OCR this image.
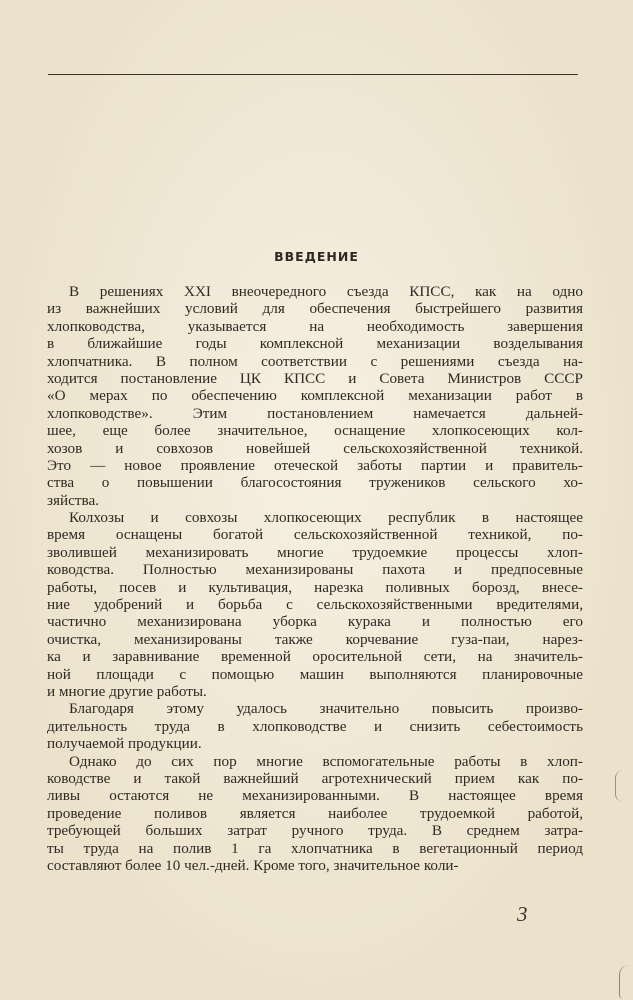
ВВЕДЕНИЕ
В решениях XXI внеочередного съезда КПСС, как на одно
из важнейших условий для обеспечения быстрейшего развития
хлопководства, указывается на необходимость завершения
в ближайшие годы комплексной механизации возделывания
хлопчатника. В полном соответствии с решениями съезда на-
ходится постановление ЦК КПСС и Совета Министров СССР
«О мерах по обеспечению комплексной механизации работ в
хлопководстве». Этим постановлением намечается дальней-
шее, еще более значительное, оснащение хлопкосеющих кол-
хозов и совхозов новейшей сельскохозяйственной техникой.
Это — новое проявление отеческой заботы партии и правитель-
ства о повышении благосостояния тружеников сельского хо-
зяйства.
Колхозы и совхозы хлопкосеющих республик в настоящее
время оснащены богатой сельскохозяйственной техникой, по-
зволившей механизировать многие трудоемкие процессы хлоп-
ководства. Полностью механизированы пахота и предпосевные
работы, посев и культивация, нарезка поливных борозд, внесе-
ние удобрений и борьба с сельскохозяйственными вредителями,
частично механизирована уборка курака и полностью его
очистка, механизированы также корчевание гуза-паи, нарез-
ка и заравнивание временной оросительной сети, на значитель-
ной площади с помощью машин выполняются планировочные
и многие другие работы.
Благодаря этому удалось значительно повысить произво-
дительность труда в хлопководстве и снизить себестоимость
получаемой продукции.
Однако до сих пор многие вспомогательные работы в хлоп-
ководстве и такой важнейший агротехнический прием как по-
ливы остаются не механизированными. В настоящее время
проведение поливов является наиболее трудоемкой работой,
требующей больших затрат ручного труда. В среднем затра-
ты труда на полив 1 га хлопчатника в вегетационный период
составляют более 10 чел.-дней. Кроме того, значительное коли-
3
